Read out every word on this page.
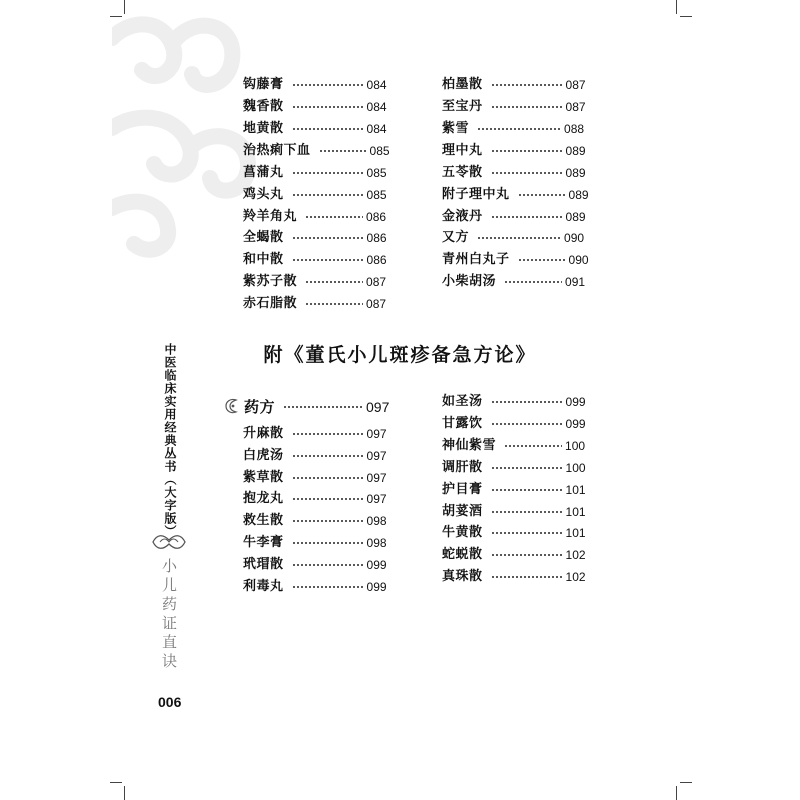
钩藤膏	084
魏香散	084
地黄散	084
治热痢下血	085
菖蒲丸	085
鸡头丸	085
羚羊角丸	086
全蝎散	086
和中散	086
紫苏子散	087
赤石脂散	087
柏墨散	087
至宝丹	087
紫雪	088
理中丸	089
五苓散	089
附子理中丸	089
金液丹	089
又方	090
青州白丸子	090
小柴胡汤	091
附《董氏小儿斑疹备急方论》
中医临床实用经典丛书（大字版）
小儿药证直诀
药方	097
升麻散	097
白虎汤	097
紫草散	097
抱龙丸	097
救生散	098
牛李膏	098
玳瑁散	099
利毒丸	099
如圣汤	099
甘露饮	099
神仙紫雪	100
调肝散	100
护目膏	101
胡荽酒	101
牛黄散	101
蛇蜕散	102
真珠散	102
006
